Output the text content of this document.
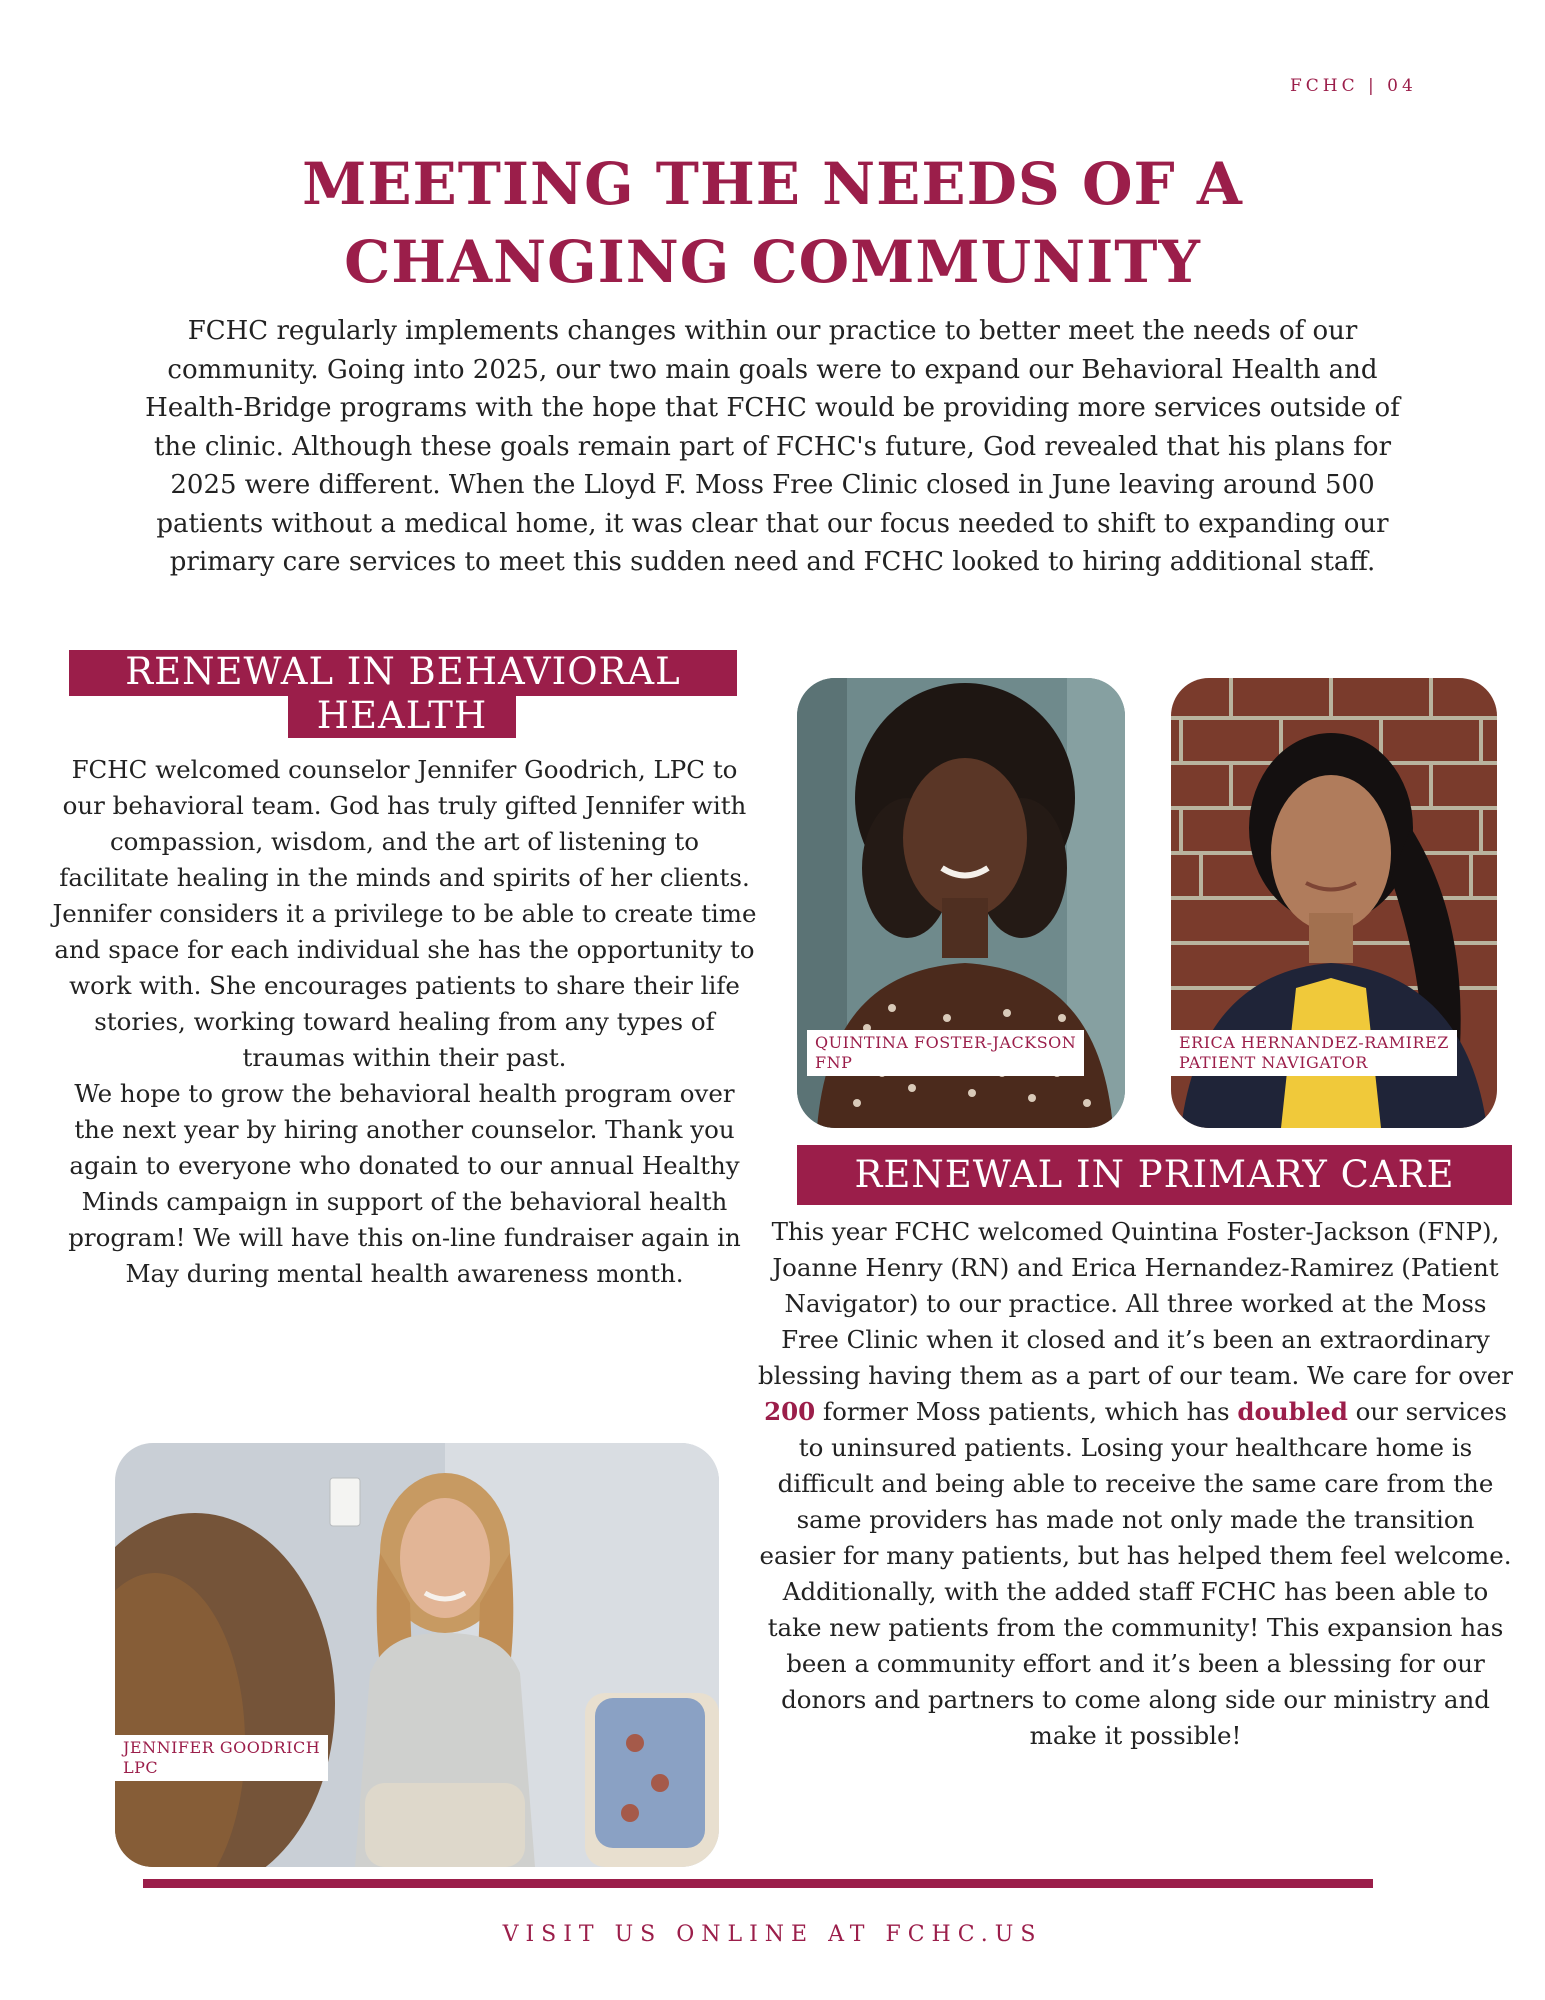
FCHC | 04
MEETING THE NEEDS OF A
CHANGING COMMUNITY

FCHC regularly implements changes within our practice to better meet the needs of our community. Going into 2025, our two main goals were to expand our Behavioral Health and Health-Bridge programs with the hope that FCHC would be providing more services outside of the clinic. Although these goals remain part of FCHC's future, God revealed that his plans for 2025 were different. When the Lloyd F. Moss Free Clinic closed in June leaving around 500 patients without a medical home, it was clear that our focus needed to shift to expanding our primary care services to meet this sudden need and FCHC looked to hiring additional staff.

RENEWAL IN BEHAVIORAL
HEALTH

FCHC welcomed counselor Jennifer Goodrich, LPC to our behavioral team. God has truly gifted Jennifer with compassion, wisdom, and the art of listening to facilitate healing in the minds and spirits of her clients.

Jennifer considers it a privilege to be able to create time and space for each individual she has the opportunity to work with. She encourages patients to share their life stories, working toward healing from any types of traumas within their past.

We hope to grow the behavioral health program over the next year by hiring another counselor. Thank you again to everyone who donated to our annual Healthy Minds campaign in support of the behavioral health program! We will have this on-line fundraiser again in May during mental health awareness month.

QUINTINA FOSTER-JACKSON
FNP
ERICA HERNANDEZ-RAMIREZ
PATIENT NAVIGATOR
RENEWAL IN PRIMARY CARE

This year FCHC welcomed Quintina Foster-Jackson (FNP), Joanne Henry (RN) and Erica Hernandez-Ramirez (Patient Navigator) to our practice. All three worked at the Moss Free Clinic when it closed and it’s been an extraordinary blessing having them as a part of our team. We care for over 200 former Moss patients, which has doubled our services to uninsured patients. Losing your healthcare home is difficult and being able to receive the same care from the same providers has made not only made the transition easier for many patients, but has helped them feel welcome. Additionally, with the added staff FCHC has been able to take new patients from the community! This expansion has been a community effort and it’s been a blessing for our donors and partners to come along side our ministry and make it possible!

JENNIFER GOODRICH
LPC
VISIT US ONLINE AT FCHC.US
